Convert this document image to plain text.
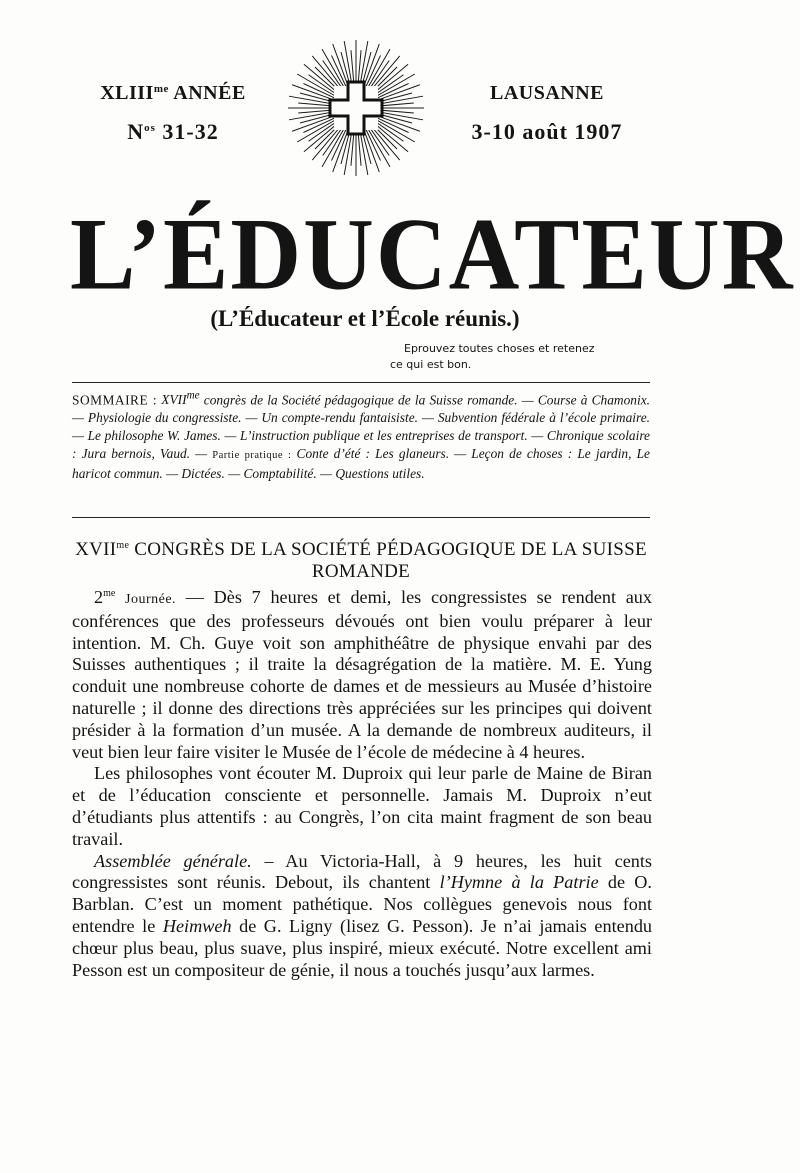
$XLIII^{me}$ ANNÉE
$N^{os}$ 31-32
LAUSANNE
3-10 août 1907
L’ÉDUCATEUR
(L’Éducateur et l’École réunis.)
Eprouvez toutes choses et retenez
ce qui est bon.
SOMMAIRE : $XVII^{me}$ congrès de la Société pédagogique de la Suisse romande. — Course à Chamonix. — Physiologie du congressiste. — Un compte-rendu fantaisiste. — Subvention fédérale à l’école primaire. — Le philosophe W. James. — L’instruction publique et les entreprises de transport. — Chronique scolaire : Jura bernois, Vaud. — Partie pratique : Conte d’été : Les glaneurs. — Leçon de choses : Le jardin, Le haricot commun. — Dictées. — Comptabilité. — Questions utiles.
$XVII^{me}$ CONGRÈS DE LA SOCIÉTÉ PÉDAGOGIQUE DE LA SUISSE ROMANDE

$2^{me}$ Journée. — Dès 7 heures et demi, les congressistes se rendent aux conférences que des professeurs dévoués ont bien voulu préparer à leur intention. M. Ch. Guye voit son amphithéâtre de physique envahi par des Suisses authentiques ; il traite la désagrégation de la matière. M. E. Yung conduit une nombreuse cohorte de dames et de messieurs au Musée d’histoire naturelle ; il donne des directions très appréciées sur les principes qui doivent présider à la formation d’un musée. A la demande de nombreux auditeurs, il veut bien leur faire visiter le Musée de l’école de médecine à 4 heures.

Les philosophes vont écouter M. Duproix qui leur parle de Maine de Biran et de l’éducation consciente et personnelle. Jamais M. Duproix n’eut d’étudiants plus attentifs : au Congrès, l’on cita maint fragment de son beau travail.

Assemblée générale. – Au Victoria-Hall, à 9 heures, les huit cents congressistes sont réunis. Debout, ils chantent l’Hymne à la Patrie de O. Barblan. C’est un moment pathétique. Nos collègues genevois nous font entendre le Heimweh de G. Ligny (lisez G. Pesson). Je n’ai jamais entendu chœur plus beau, plus suave, plus inspiré, mieux exécuté. Notre excellent ami Pesson est un compositeur de génie, il nous a touchés jusqu’aux larmes.
